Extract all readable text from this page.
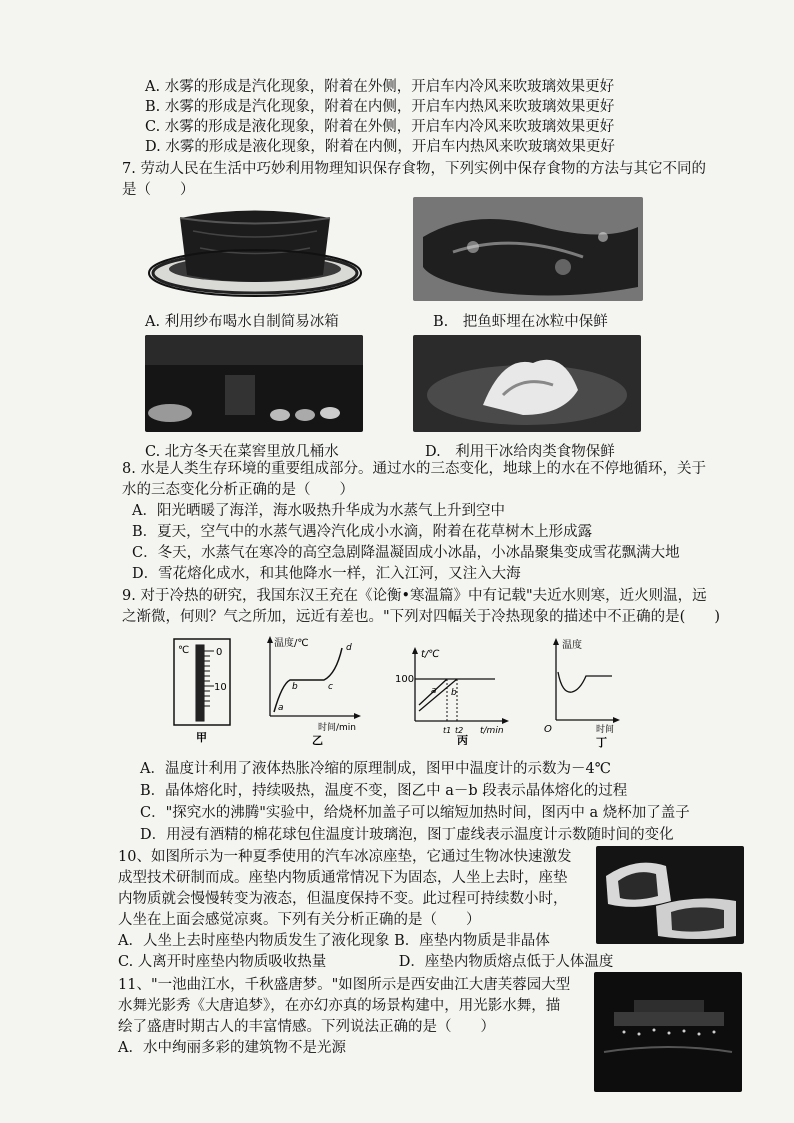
A. 水雾的形成是汽化现象，附着在外侧，开启车内冷风来吹玻璃效果更好
B. 水雾的形成是汽化现象，附着在内侧，开启车内热风来吹玻璃效果更好
C. 水雾的形成是液化现象，附着在外侧，开启车内冷风来吹玻璃效果更好
D. 水雾的形成是液化现象，附着在内侧，开启车内热风来吹玻璃效果更好
7. 劳动人民在生活中巧妙利用物理知识保存食物，下列实例中保存食物的方法与其它不同的
是（　　）
A. 利用纱布喝水自制简易冰箱	B.　把鱼虾埋在冰粒中保鲜
C. 北方冬天在菜窖里放几桶水	D.　利用干冰给肉类食物保鲜
8. 水是人类生存环境的重要组成部分。通过水的三态变化，地球上的水在不停地循环，关于
水的三态变化分析正确的是（　　）
A．阳光晒暖了海洋，海水吸热升华成为水蒸气上升到空中
B．夏天，空气中的水蒸气遇冷汽化成小水滴，附着在花草树木上形成露
C．冬天，水蒸气在寒冷的高空急剧降温凝固成小冰晶，小冰晶聚集变成雪花飘满大地
D．雪花熔化成水，和其他降水一样，汇入江河，又注入大海
9. 对于冷热的研究，我国东汉王充在《论衡•寒温篇》中有记载"夫近水则寒，近火则温，远
之渐微，何则？气之所加，远近有差也。"下列对四幅关于冷热现象的描述中不正确的是(　　)
℃	0
10
甲
温度/℃
a
b	c
d
时间/min
乙
t/℃
100
a b
t1 t2 t/min
丙
温度
O	时间
丁
A．温度计利用了液体热胀冷缩的原理制成，图甲中温度计的示数为－4℃
B．晶体熔化时，持续吸热，温度不变，图乙中 a－b 段表示晶体熔化的过程
C．"探究水的沸腾"实验中，给烧杯加盖子可以缩短加热时间，图丙中 a 烧杯加了盖子
D．用浸有酒精的棉花球包住温度计玻璃泡，图丁虚线表示温度计示数随时间的变化
10、如图所示为一种夏季使用的汽车冰凉座垫，它通过生物冰快速激发
成型技术研制而成。座垫内物质通常情况下为固态，人坐上去时，座垫
内物质就会慢慢转变为液态，但温度保持不变。此过程可持续数小时，
人坐在上面会感觉凉爽。下列有关分析正确的是（　　）
A．人坐上去时座垫内物质发生了液化现象 B．座垫内物质是非晶体
C. 人离开时座垫内物质吸收热量　　　　　D．座垫内物质熔点低于人体温度
11、"一池曲江水，千秋盛唐梦。"如图所示是西安曲江大唐芙蓉园大型
水舞光影秀《大唐追梦》，在亦幻亦真的场景构建中，用光影水舞，描
绘了盛唐时期古人的丰富情感。下列说法正确的是（　　）
A．水中绚丽多彩的建筑物不是光源
